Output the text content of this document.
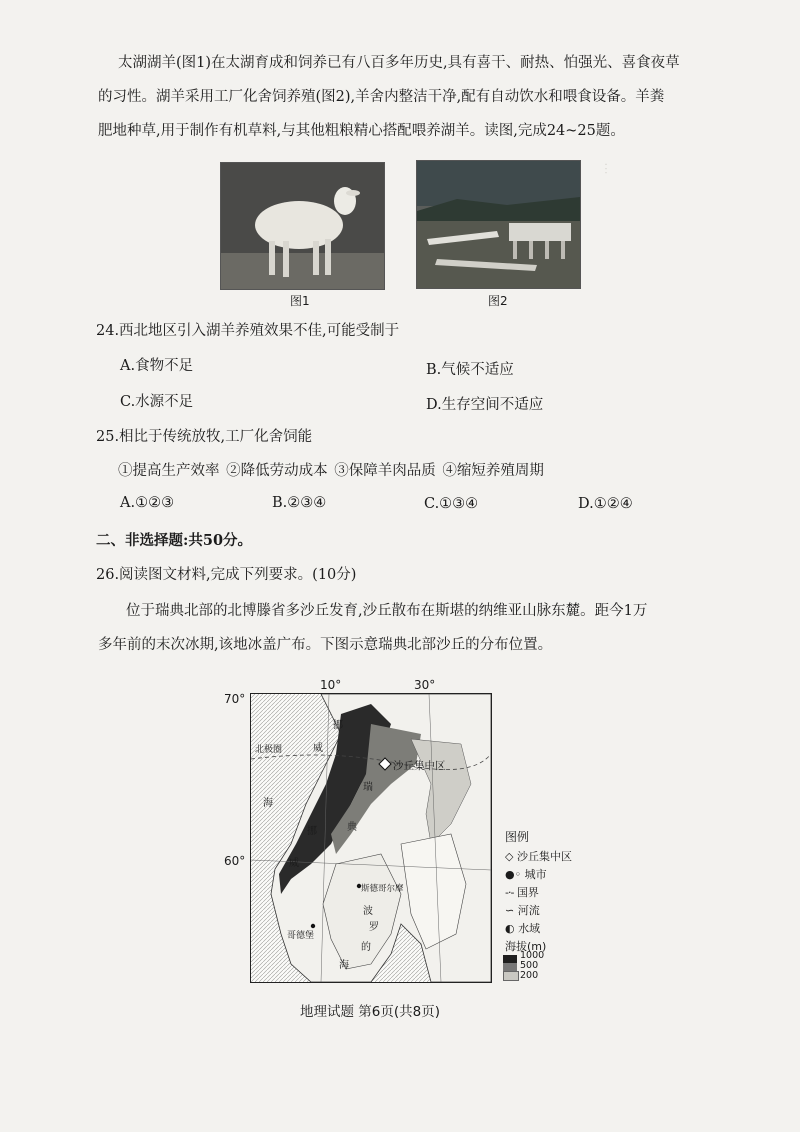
太湖湖羊(图1)在太湖育成和饲养已有八百多年历史,具有喜干、耐热、怕强光、喜食夜草
的习性。湖羊采用工厂化舍饲养殖(图2),羊舍内整洁干净,配有自动饮水和喂食设备。羊粪
肥地种草,用于制作有机草料,与其他粗粮精心搭配喂养湖羊。读图,完成24~25题。
图1	图2
︙
24.西北地区引入湖羊养殖效果不佳,可能受制于
A.食物不足	B.气候不适应
C.水源不足	D.生存空间不适应
25.相比于传统放牧,工厂化舍饲能
①提高生产效率 ②降低劳动成本 ③保障羊肉品质 ④缩短养殖周期
A.①②③	B.②③④	C.①③④	D.①②④
二、非选择题:共50分。
26.阅读图文材料,完成下列要求。(10分)
位于瑞典北部的北博滕省多沙丘发育,沙丘散布在斯堪的纳维亚山脉东麓。距今1万
多年前的末次冰期,该地冰盖广布。下图示意瑞典北部沙丘的分布位置。
挪
威
北极圈
海
挪
威
瑞
典
沙丘集中区
斯德哥尔摩
哥德堡
波
罗
的
海
10°	30°
70°
60°
图例
◇ 沙丘集中区
●◦ 城市
-·- 国界
∽ 河流
◐ 水域
海拔(m)
1000
500
200
地理试题 第6页(共8页)
